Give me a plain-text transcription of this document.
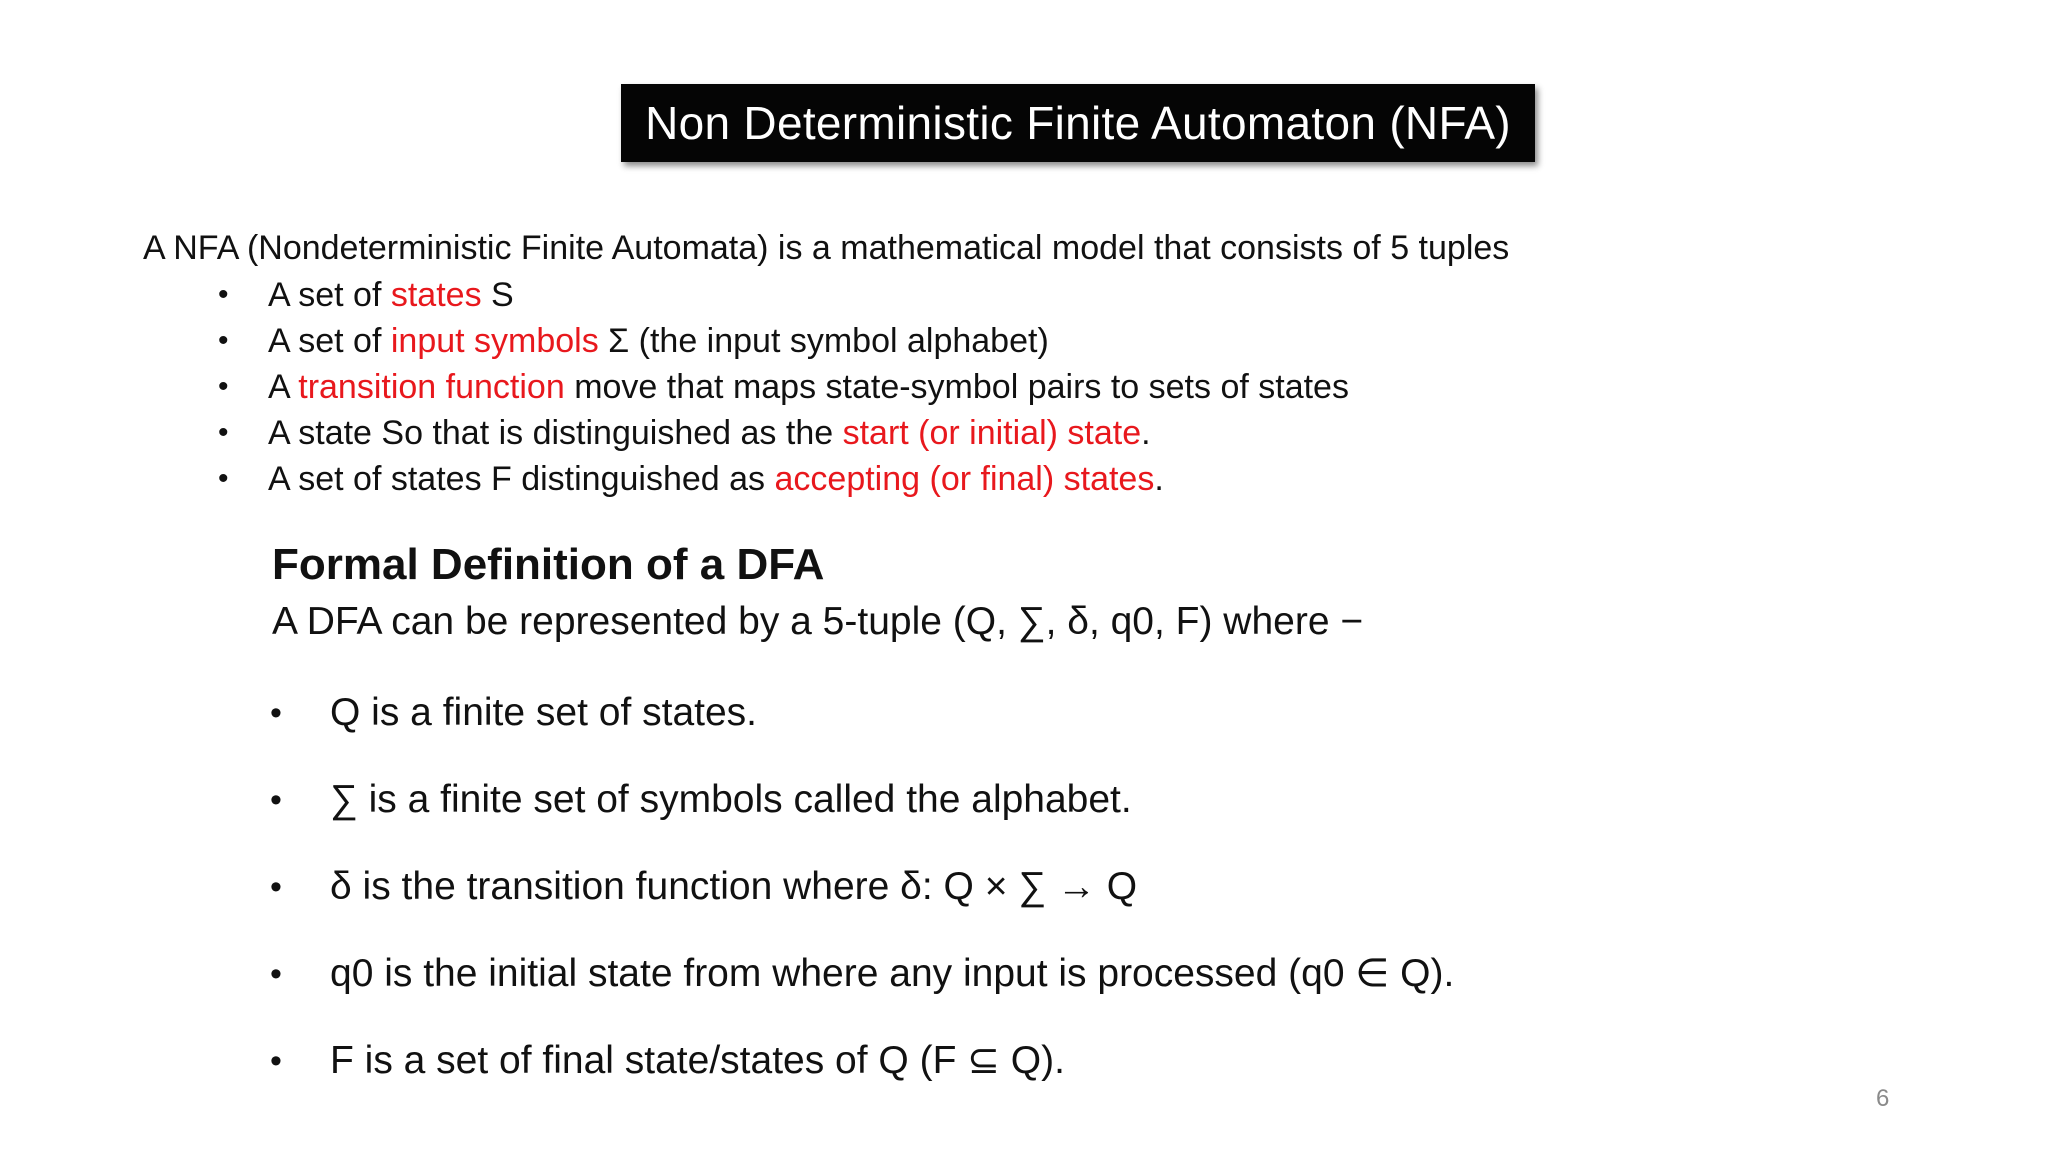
Non Deterministic Finite Automaton (NFA)
A NFA (Nondeterministic Finite Automata) is a mathematical model that consists of 5 tuples
•	A set of states S
•	A set of input symbols Σ (the input symbol alphabet)
•	A transition function move that maps state-symbol pairs to sets of states
•	A state So that is distinguished as the start (or initial) state.
•	A set of states F distinguished as accepting (or final) states.
Formal Definition of a DFA
A DFA can be represented by a 5-tuple (Q, ∑, δ, q0, F) where −
•	Q is a finite set of states.
•	∑ is a finite set of symbols called the alphabet.
•	δ is the transition function where δ: Q × ∑ → Q
•	q0 is the initial state from where any input is processed (q0 ∈ Q).
•	F is a set of final state/states of Q (F ⊆ Q).
6
